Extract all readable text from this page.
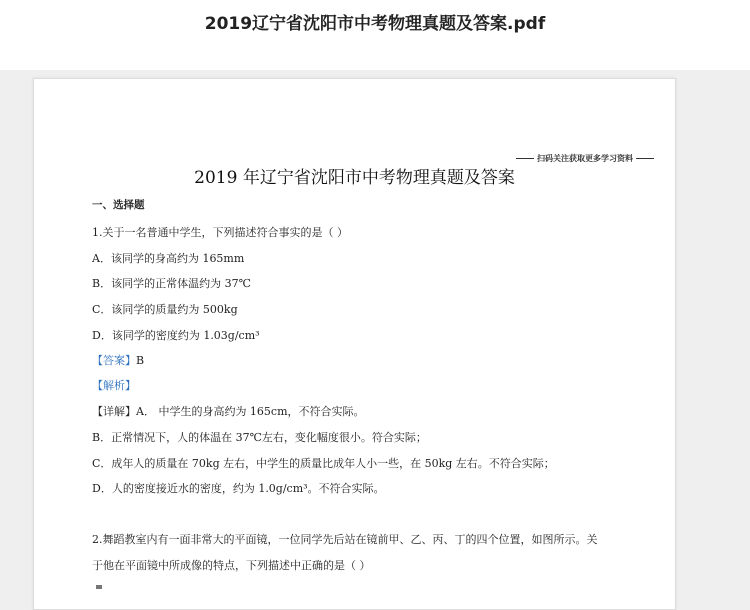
2019辽宁省沈阳市中考物理真题及答案.pdf
扫码关注获取更多学习资料
2019 年辽宁省沈阳市中考物理真题及答案
一、选择题
1.关于一名普通中学生，下列描述符合事实的是（ ）
A．该同学的身高约为 165mm
B．该同学的正常体温约为 37℃
C．该同学的质量约为 500kg
D．该同学的密度约为 1.03g/cm³
【答案】B
【解析】
【详解】A． 中学生的身高约为 165cm，不符合实际。
B．正常情况下，人的体温在 37℃左右，变化幅度很小。符合实际；
C．成年人的质量在 70kg 左右，中学生的质量比成年人小一些，在 50kg 左右。不符合实际；
D．人的密度接近水的密度，约为 1.0g/cm³。不符合实际。
2.舞蹈教室内有一面非常大的平面镜，一位同学先后站在镜前甲、乙、丙、丁的四个位置，如图所示。关
于他在平面镜中所成像的特点，下列描述中正确的是（ ）
